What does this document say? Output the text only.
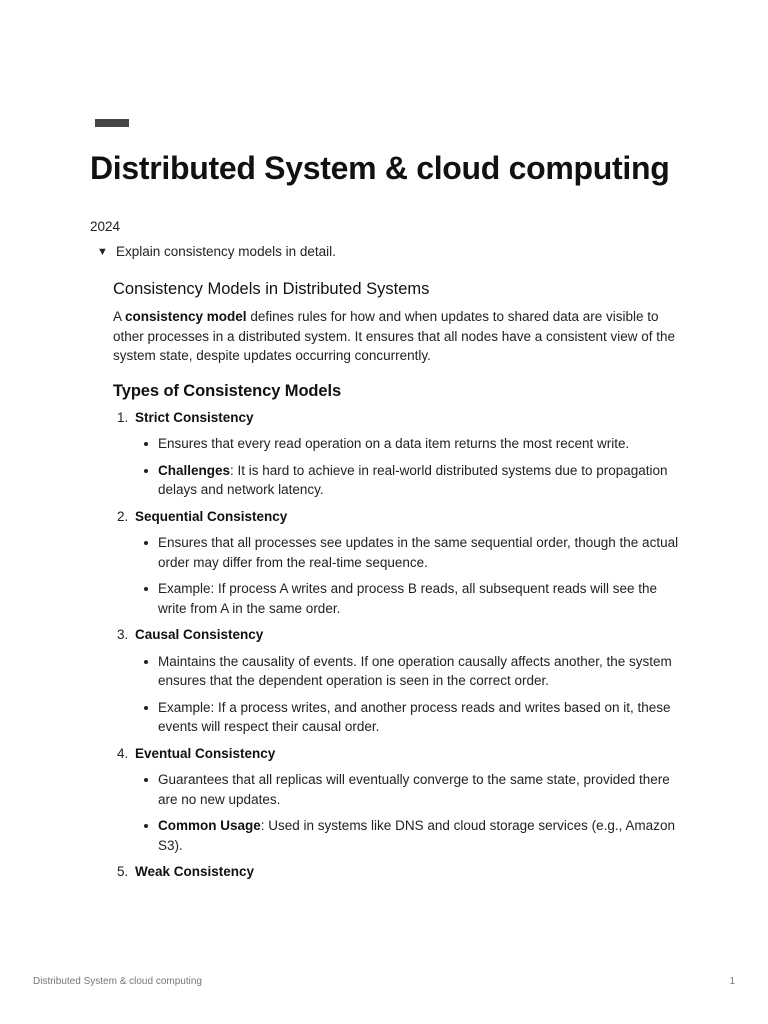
Distributed System & cloud computing
2024
▼ Explain consistency models in detail.
Consistency Models in Distributed Systems

A consistency model defines rules for how and when updates to shared data are visible to other processes in a distributed system. It ensures that all nodes have a consistent view of the system state, despite updates occurring concurrently.

Types of Consistency Models
1. Strict Consistency
Ensures that every read operation on a data item returns the most recent write.
Challenges: It is hard to achieve in real-world distributed systems due to propagation delays and network latency.
2. Sequential Consistency
Ensures that all processes see updates in the same sequential order, though the actual order may differ from the real-time sequence.
Example: If process A writes and process B reads, all subsequent reads will see the write from A in the same order.
3. Causal Consistency
Maintains the causality of events. If one operation causally affects another, the system ensures that the dependent operation is seen in the correct order.
Example: If a process writes, and another process reads and writes based on it, these events will respect their causal order.
4. Eventual Consistency
Guarantees that all replicas will eventually converge to the same state, provided there are no new updates.
Common Usage: Used in systems like DNS and cloud storage services (e.g., Amazon S3).
5. Weak Consistency
Distributed System & cloud computing	1
